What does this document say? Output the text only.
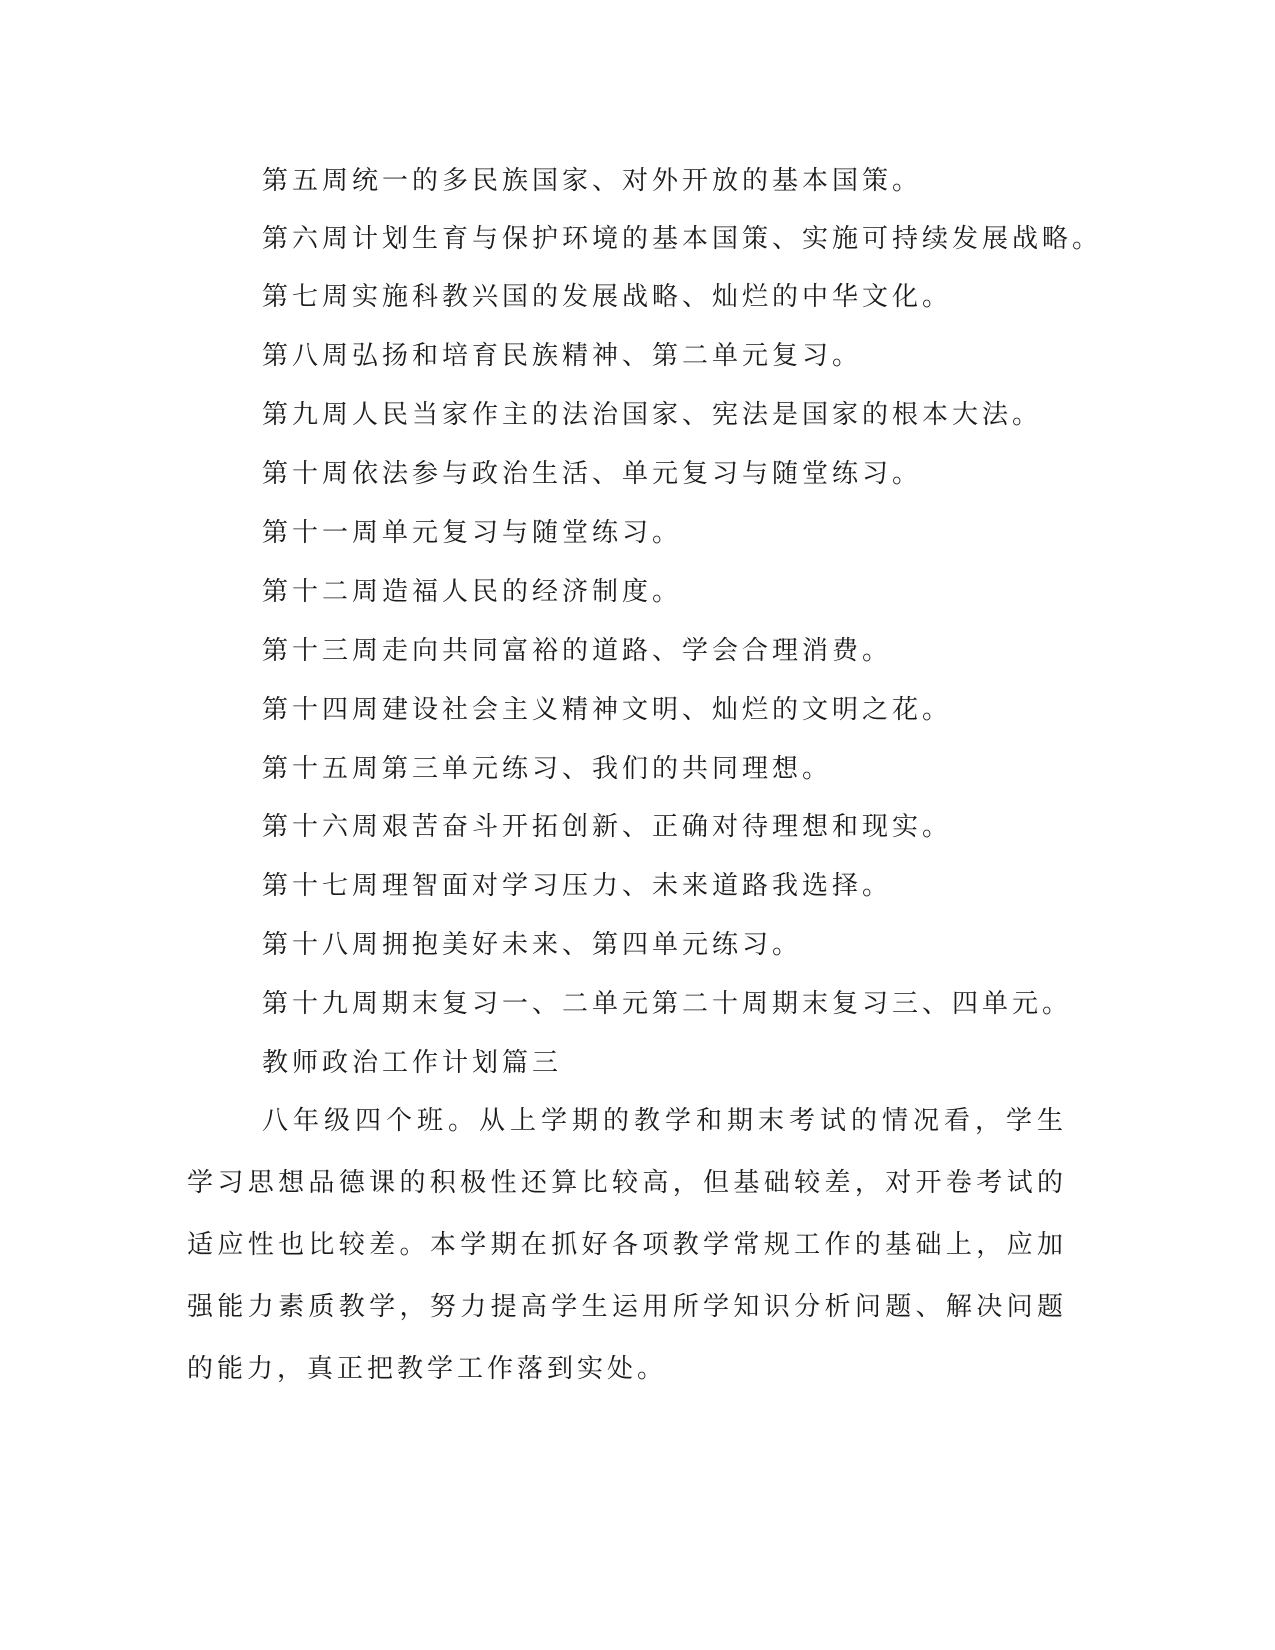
第五周统一的多民族国家、对外开放的基本国策。

第六周计划生育与保护环境的基本国策、实施可持续发展战略。

第七周实施科教兴国的发展战略、灿烂的中华文化。

第八周弘扬和培育民族精神、第二单元复习。

第九周人民当家作主的法治国家、宪法是国家的根本大法。

第十周依法参与政治生活、单元复习与随堂练习。

第十一周单元复习与随堂练习。

第十二周造福人民的经济制度。

第十三周走向共同富裕的道路、学会合理消费。

第十四周建设社会主义精神文明、灿烂的文明之花。

第十五周第三单元练习、我们的共同理想。

第十六周艰苦奋斗开拓创新、正确对待理想和现实。

第十七周理智面对学习压力、未来道路我选择。

第十八周拥抱美好未来、第四单元练习。

第十九周期末复习一、二单元第二十周期末复习三、四单元。

教师政治工作计划篇三

八年级四个班。从上学期的教学和期末考试的情况看，学生学习思想品德课的积极性还算比较高，但基础较差，对开卷考试的适应性也比较差。本学期在抓好各项教学常规工作的基础上，应加强能力素质教学，努力提高学生运用所学知识分析问题、解决问题的能力，真正把教学工作落到实处。
